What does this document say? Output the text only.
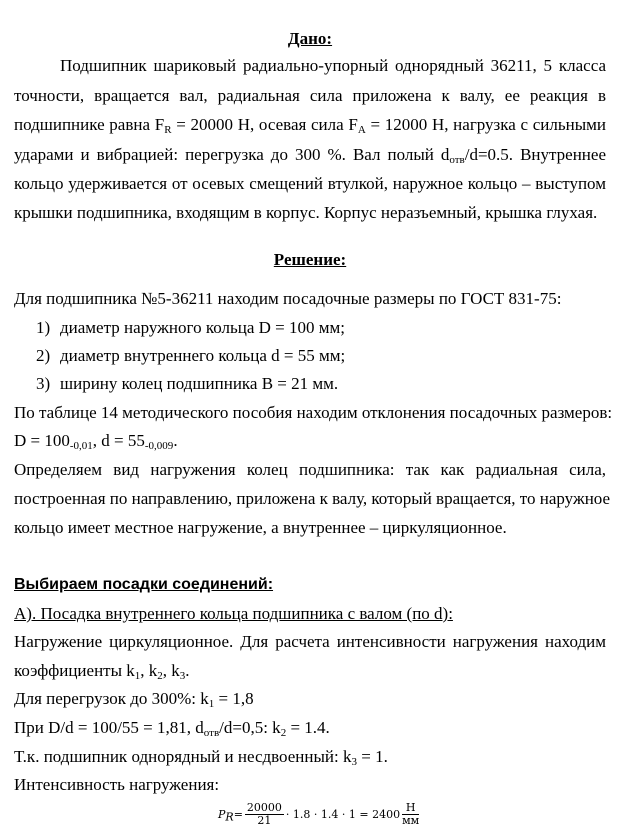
Дано:
Подшипник шариковый радиально-упорный однорядный 36211, 5 класса
точности, вращается вал, радиальная сила приложена к валу, ее реакция в
подшипнике равна $F_R = 20000$ Н, осевая сила $F_A = 12000$ Н, нагрузка с сильными
ударами и вибрацией: перегрузка до 300 %. Вал полый $d_{отв}/d=0.5$. Внутреннее
кольцо удерживается от осевых смещений втулкой, наружное кольцо – выступом
крышки подшипника, входящим в корпус. Корпус неразъемный, крышка глухая.
Решение:
Для подшипника №5-36211 находим посадочные размеры по ГОСТ 831-75:
1) диаметр наружного кольца D = 100 мм;
2) диаметр внутреннего кольца d = 55 мм;
3) ширину колец подшипника B = 21 мм.
По таблице 14 методического пособия находим отклонения посадочных размеров:
$D = 100_{-0,01}$, $d = 55_{-0,009}$.
Определяем вид нагружения колец подшипника: так как радиальная сила,
построенная по направлению, приложена к валу, который вращается, то наружное
кольцо имеет местное нагружение, а внутреннее – циркуляционное.
Выбираем посадки соединений:
А). Посадка внутреннего кольца подшипника с валом (по d):
Нагружение циркуляционное. Для расчета интенсивности нагружения находим
коэффициенты $k_1$, $k_2$, $k_3$.
Для перегрузок до 300%: $k_1 = 1,8$
При D/d = 100/55 = 1,81, $d_{отв}/d=0,5$: $k_2 = 1.4$.
Т.к. подшипник однорядный и несдвоенный: $k_3 = 1$.
Интенсивность нагружения:
$PR= \frac{20000}{21} \cdot 1.8 \cdot 1.4 \cdot 1 = 2400 \frac{Н}{мм}$
